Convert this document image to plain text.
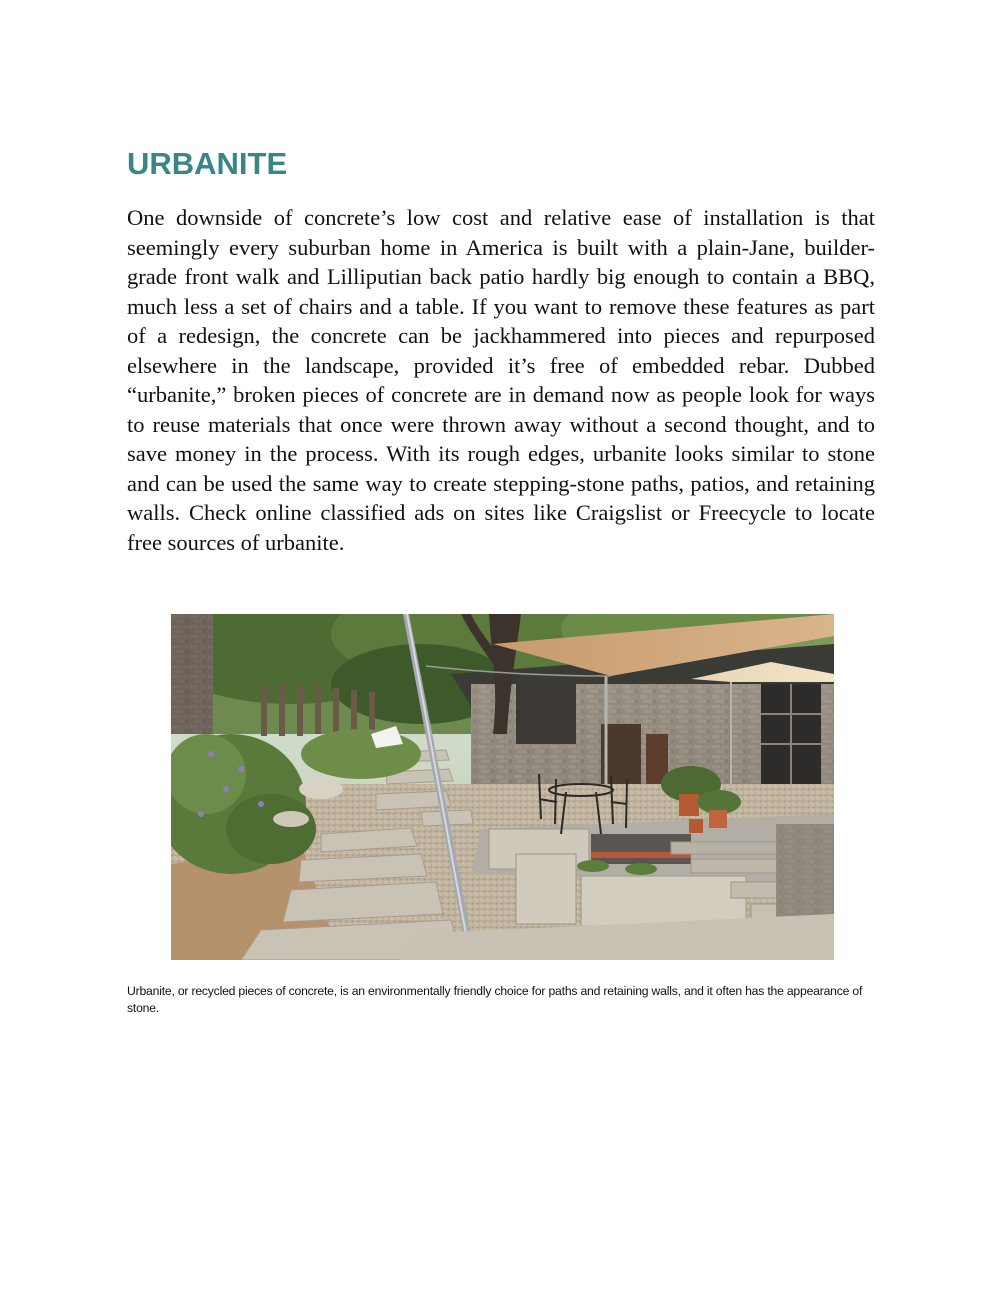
URBANITE

One downside of concrete’s low cost and relative ease of installation is that seemingly every suburban home in America is built with a plain-Jane, builder-grade front walk and Lilliputian back patio hardly big enough to contain a BBQ, much less a set of chairs and a table. If you want to remove these features as part of a redesign, the concrete can be jackhammered into pieces and repurposed elsewhere in the landscape, provided it’s free of embedded rebar. Dubbed “urbanite,” broken pieces of concrete are in demand now as people look for ways to reuse materials that once were thrown away without a second thought, and to save money in the process. With its rough edges, urbanite looks similar to stone and can be used the same way to create stepping-stone paths, patios, and retaining walls. Check online classified ads on sites like Craigslist or Freecycle to locate free sources of urbanite.

Urbanite, or recycled pieces of concrete, is an environmentally friendly choice for paths and retaining walls, and it often has the appearance of stone.
